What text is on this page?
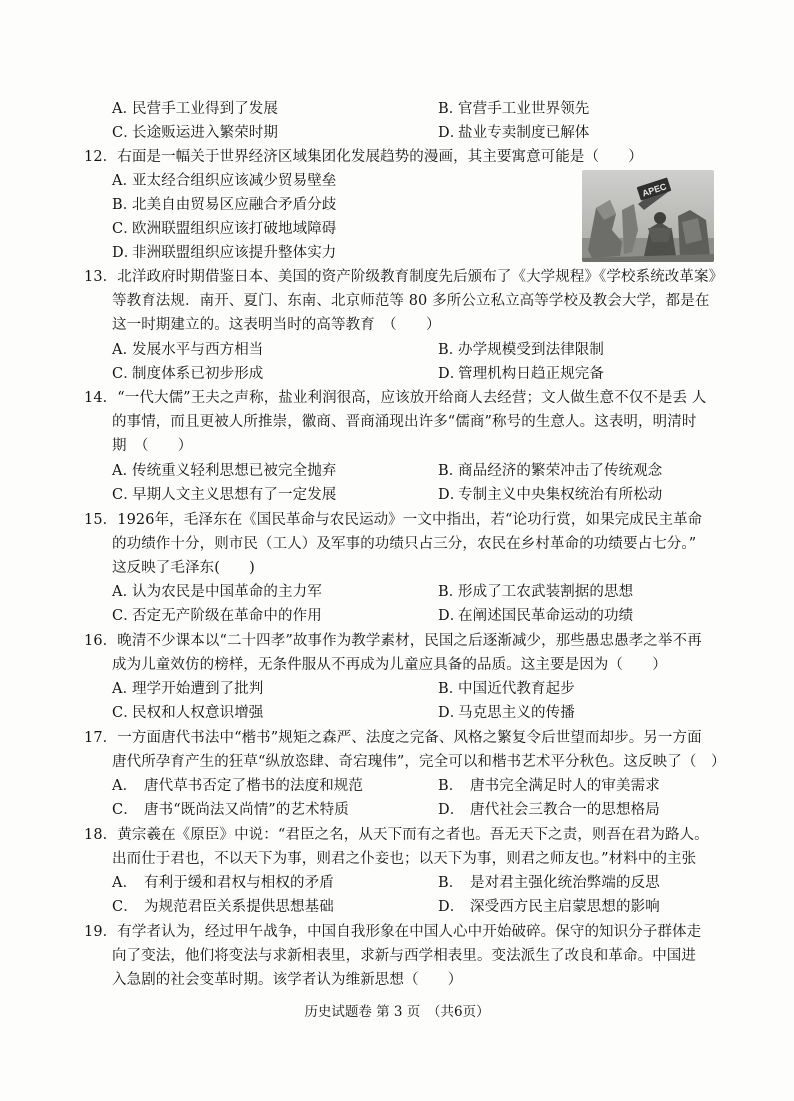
A．民营手工业得到了发展	B．官营手工业世界领先
C．长途贩运进入繁荣时期	D．盐业专卖制度已解体
12．右面是一幅关于世界经济区域集团化发展趋势的漫画，其主要寓意可能是（　　）
A．亚太经合组织应该减少贸易壁垒
B．北美自由贸易区应融合矛盾分歧
C．欧洲联盟组织应该打破地域障碍
D．非洲联盟组织应该提升整体实力
APEC
13．北洋政府时期借鉴日本、美国的资产阶级教育制度先后颁布了《大学规程》《学校系统改革案》
等教育法规．南开、夏门、东南、北京师范等 80 多所公立私立高等学校及教会大学，都是在
这一时期建立的。这表明当时的高等教育　（　　）
A．发展水平与西方相当	B．办学规模受到法律限制
C．制度体系已初步形成	D．管理机构日趋正规完备
14．“一代大儒”王夫之声称，盐业利润很高，应该放开给商人去经营；文人做生意不仅不是丢 人
的事情，而且更被人所推崇，徽商、晋商涌现出许多“儒商”称号的生意人。这表明，明清时
期　（　　）
A．传统重义轻利思想已被完全抛弃	B．商品经济的繁荣冲击了传统观念
C．早期人文主义思想有了一定发展	D．专制主义中央集权统治有所松动
15．1926年，毛泽东在《国民革命与农民运动》一文中指出，若“论功行赏，如果完成民主革命
的功绩作十分，则市民（工人）及军事的功绩只占三分，农民在乡村革命的功绩要占七分。”
这反映了毛泽东(　　)
A．认为农民是中国革命的主力军	B．形成了工农武装割据的思想
C．否定无产阶级在革命中的作用	D．在阐述国民革命运动的功绩
16．晚清不少课本以“二十四孝”故事作为教学素材，民国之后逐渐减少，那些愚忠愚孝之举不再
成为儿童效仿的榜样，无条件服从不再成为儿童应具备的品质。这主要是因为（　　）
A．理学开始遭到了批判	B．中国近代教育起步
C．民权和人权意识增强	D．马克思主义的传播
17．一方面唐代书法中“楷书”规矩之森严、法度之完备、风格之繁复令后世望而却步。另一方面
唐代所孕育产生的狂草“纵放恣肆、奇宕瑰伟”，完全可以和楷书艺术平分秋色。这反映了（　）
A． 唐代草书否定了楷书的法度和规范	B． 唐书完全满足时人的审美需求
C． 唐书“既尚法又尚情”的艺术特质	D． 唐代社会三教合一的思想格局
18．黄宗羲在《原臣》中说：“君臣之名，从天下而有之者也。吾无天下之责，则吾在君为路人。
出而仕于君也，不以天下为事，则君之仆妾也；以天下为事，则君之师友也。”材料中的主张
A． 有利于缓和君权与相权的矛盾	B． 是对君主强化统治弊端的反思
C． 为规范君臣关系提供思想基础	D． 深受西方民主启蒙思想的影响
19．有学者认为，经过甲午战争，中国自我形象在中国人心中开始破碎。保守的知识分子群体走
向了变法，他们将变法与求新相表里，求新与西学相表里。变法派生了改良和革命。中国进
入急剧的社会变革时期。该学者认为维新思想（　　）
历史试题卷 第 3 页　（共6页）
